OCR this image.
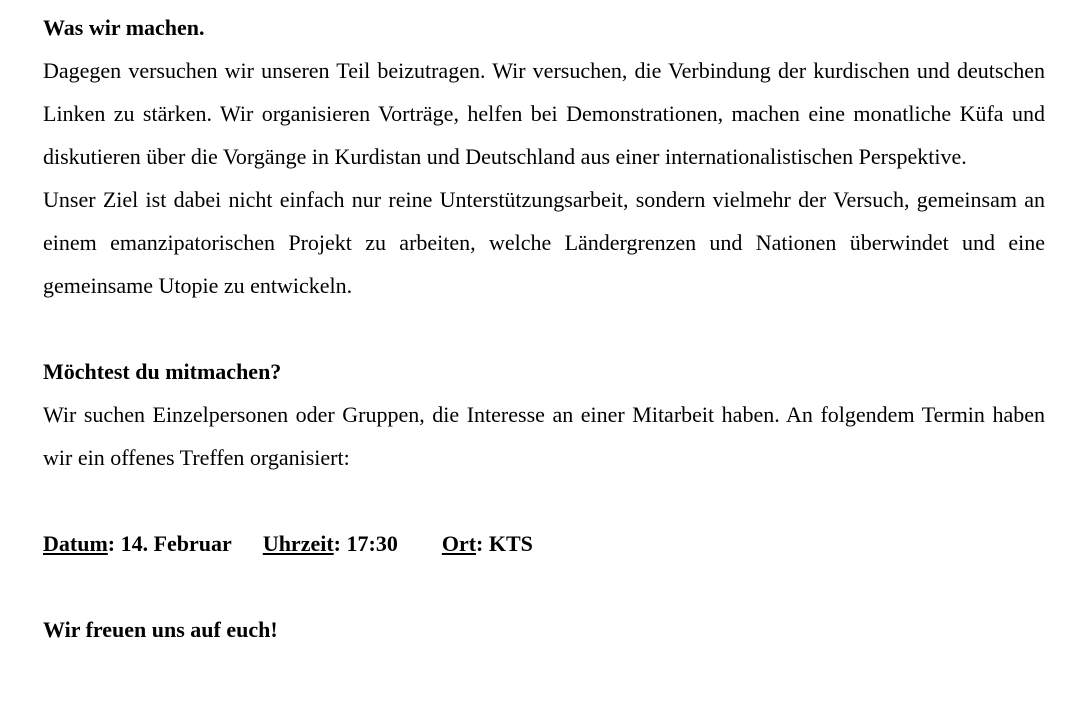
Was wir machen.

Dagegen versuchen wir unseren Teil beizutragen. Wir versuchen, die Verbindung der kurdischen und deutschen Linken zu stärken. Wir organisieren Vorträge, helfen bei Demonstrationen, machen eine monatliche Küfa und diskutieren über die Vorgänge in Kurdistan und Deutschland aus einer internationalistischen Perspektive.

Unser Ziel ist dabei nicht einfach nur reine Unterstützungsarbeit, sondern vielmehr der Versuch, gemeinsam an einem emanzipatorischen Projekt zu arbeiten, welche Ländergrenzen und Nationen überwindet und eine gemeinsame Utopie zu entwickeln.

Möchtest du mitmachen?

Wir suchen Einzelpersonen oder Gruppen, die Interesse an einer Mitarbeit haben. An folgendem Termin haben wir ein offenes Treffen organisiert:

Datum: 14. Februar Uhrzeit: 17:30 Ort: KTS

Wir freuen uns auf euch!
